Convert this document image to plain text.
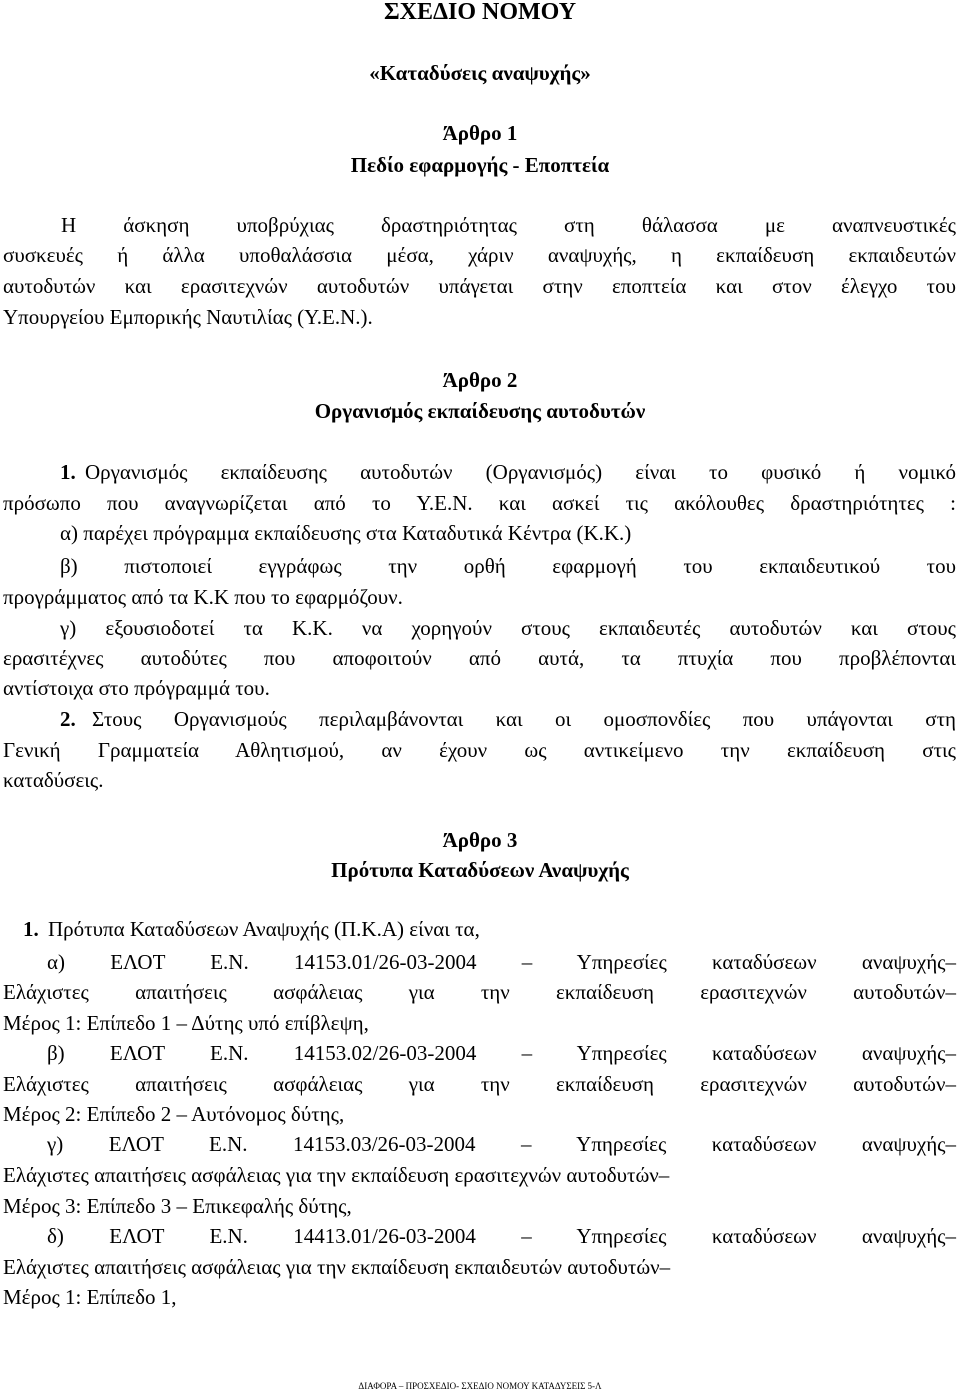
ΣΧΕΔΙΟ ΝΟΜΟΥ
«Καταδύσεις αναψυχής»
Άρθρο 1
Πεδίο εφαρμογής - Εποπτεία
Η άσκηση υποβρύχιας δραστηριότητας στη θάλασσα με αναπνευστικές
συσκευές ή άλλα υποθαλάσσια μέσα, χάριν αναψυχής, η εκπαίδευση εκπαιδευτών
αυτοδυτών και ερασιτεχνών αυτοδυτών υπάγεται στην εποπτεία και στον έλεγχο του
Υπουργείου Εμπορικής Ναυτιλίας (Υ.Ε.Ν.).
Άρθρο 2
Οργανισμός εκπαίδευσης αυτοδυτών
1. Οργανισμός εκπαίδευσης αυτοδυτών (Οργανισμός) είναι το φυσικό ή νομικό
πρόσωπο που αναγνωρίζεται από το Υ.Ε.Ν. και ασκεί τις ακόλουθες δραστηριότητες :
α) παρέχει πρόγραμμα εκπαίδευσης στα Καταδυτικά Κέντρα (Κ.Κ.)
β) πιστοποιεί εγγράφως την ορθή εφαρμογή του εκπαιδευτικού του
προγράμματος από τα Κ.Κ που το εφαρμόζουν.
γ) εξουσιοδοτεί τα Κ.Κ. να χορηγούν στους εκπαιδευτές αυτοδυτών και στους
ερασιτέχνες αυτοδύτες που αποφοιτούν από αυτά, τα πτυχία που προβλέπονται
αντίστοιχα στο πρόγραμμά του.
2. Στους Οργανισμούς περιλαμβάνονται και οι ομοσπονδίες που υπάγονται στη
Γενική Γραμματεία Αθλητισμού, αν έχουν ως αντικείμενο την εκπαίδευση στις
καταδύσεις.
Άρθρο 3
Πρότυπα Καταδύσεων Αναψυχής
1. Πρότυπα Καταδύσεων Αναψυχής (Π.Κ.Α) είναι τα,
α) ΕΛΟΤ Ε.Ν. 14153.01/26-03-2004 – Υπηρεσίες καταδύσεων αναψυχής–
Ελάχιστες απαιτήσεις ασφάλειας για την εκπαίδευση ερασιτεχνών αυτοδυτών–
Μέρος 1: Επίπεδο 1 – Δύτης υπό επίβλεψη,
β) ΕΛΟΤ Ε.Ν. 14153.02/26-03-2004 – Υπηρεσίες καταδύσεων αναψυχής–
Ελάχιστες απαιτήσεις ασφάλειας για την εκπαίδευση ερασιτεχνών αυτοδυτών–
Μέρος 2: Επίπεδο 2 – Αυτόνομος δύτης,
γ) ΕΛΟΤ Ε.Ν. 14153.03/26-03-2004 – Υπηρεσίες καταδύσεων αναψυχής–
Ελάχιστες απαιτήσεις ασφάλειας για την εκπαίδευση ερασιτεχνών αυτοδυτών–
Μέρος 3: Επίπεδο 3 – Επικεφαλής δύτης,
δ) ΕΛΟΤ Ε.Ν. 14413.01/26-03-2004 – Υπηρεσίες καταδύσεων αναψυχής–
Ελάχιστες απαιτήσεις ασφάλειας για την εκπαίδευση εκπαιδευτών αυτοδυτών–
Μέρος 1: Επίπεδο 1,
ΔΙΑΦΟΡΑ – ΠΡΟΣΧΕΔΙΟ- ΣΧΕΔΙΟ ΝΟΜΟΥ ΚΑΤΑΔΥΣΕΙΣ 5-Λ
